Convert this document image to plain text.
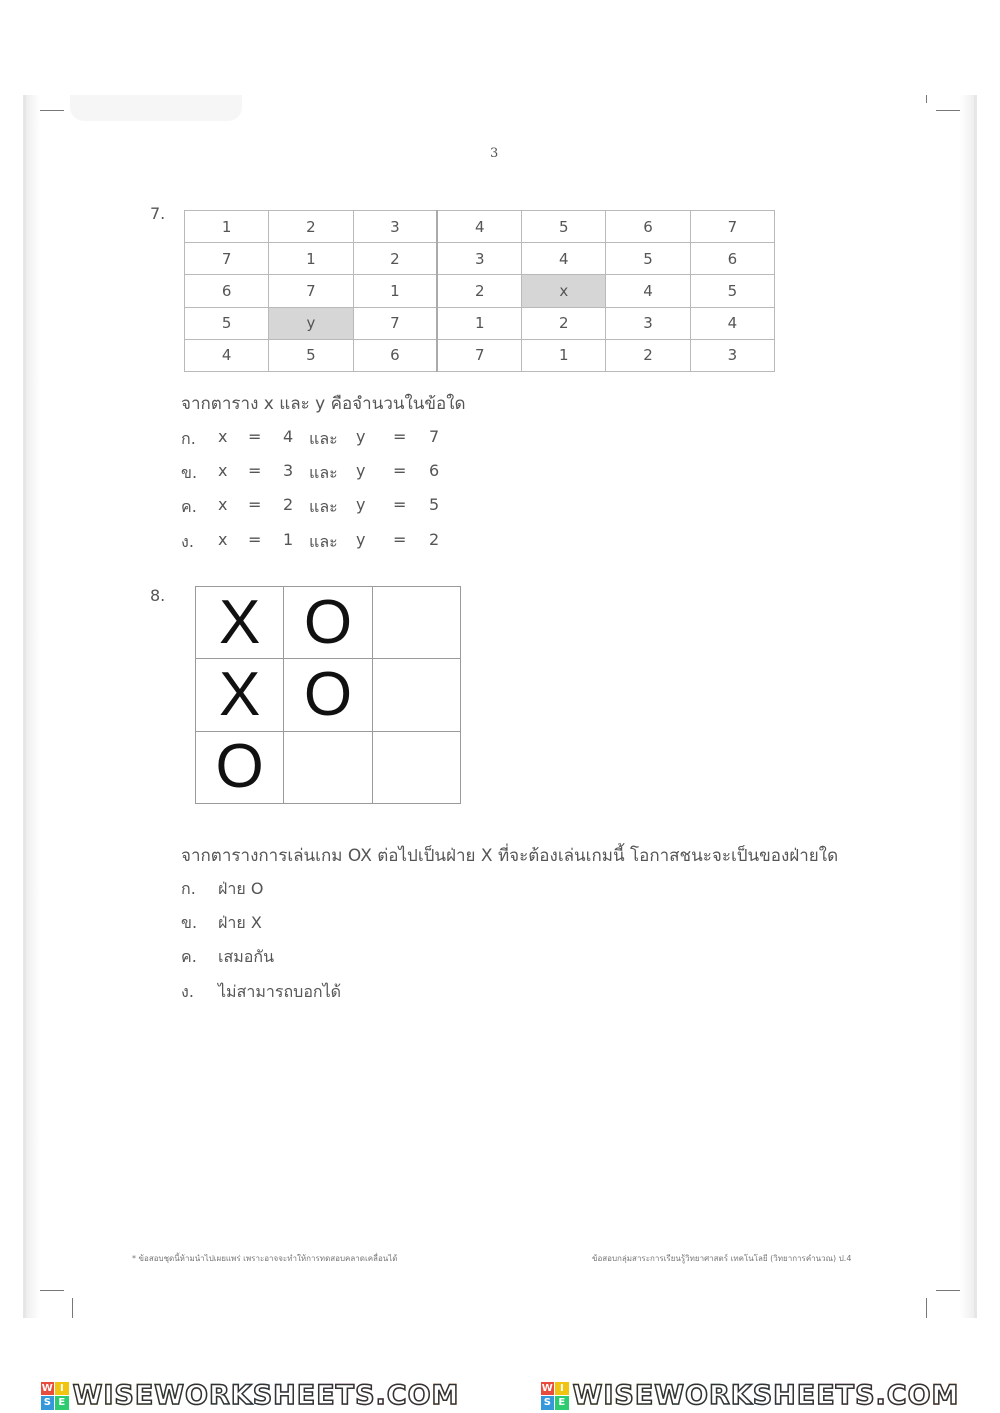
3
7.
1	2	3	4	5	6	7
7	1	2	3	4	5	6
6	7	1	2	x	4	5
5	y	7	1	2	3	4
4	5	6	7	1	2	3
จากตาราง x และ y คือจำนวนในข้อใด
ก. x = 4 และ y = 7
ข. x = 3 และ y = 6
ค. x = 2 และ y = 5
ง. x = 1 และ y = 2
8. X	O	
X	O	
O		
จากตารางการเล่นเกม OX ต่อไปเป็นฝ่าย X ที่จะต้องเล่นเกมนี้ โอกาสชนะจะเป็นของฝ่ายใด
ก. ฝ่าย O
ข. ฝ่าย X
ค. เสมอกัน
ง. ไม่สามารถบอกได้
* ข้อสอบชุดนี้ห้ามนำไปเผยแพร่ เพราะอาจจะทำให้การทดสอบคลาดเคลื่อนได้	ข้อสอบกลุ่มสาระการเรียนรู้วิทยาศาสตร์ เทคโนโลยี (วิทยาการคำนวณ) ป.4
W I
S E WISEWORKSHEETS.COM	W I
S E WISEWORKSHEETS.COM
